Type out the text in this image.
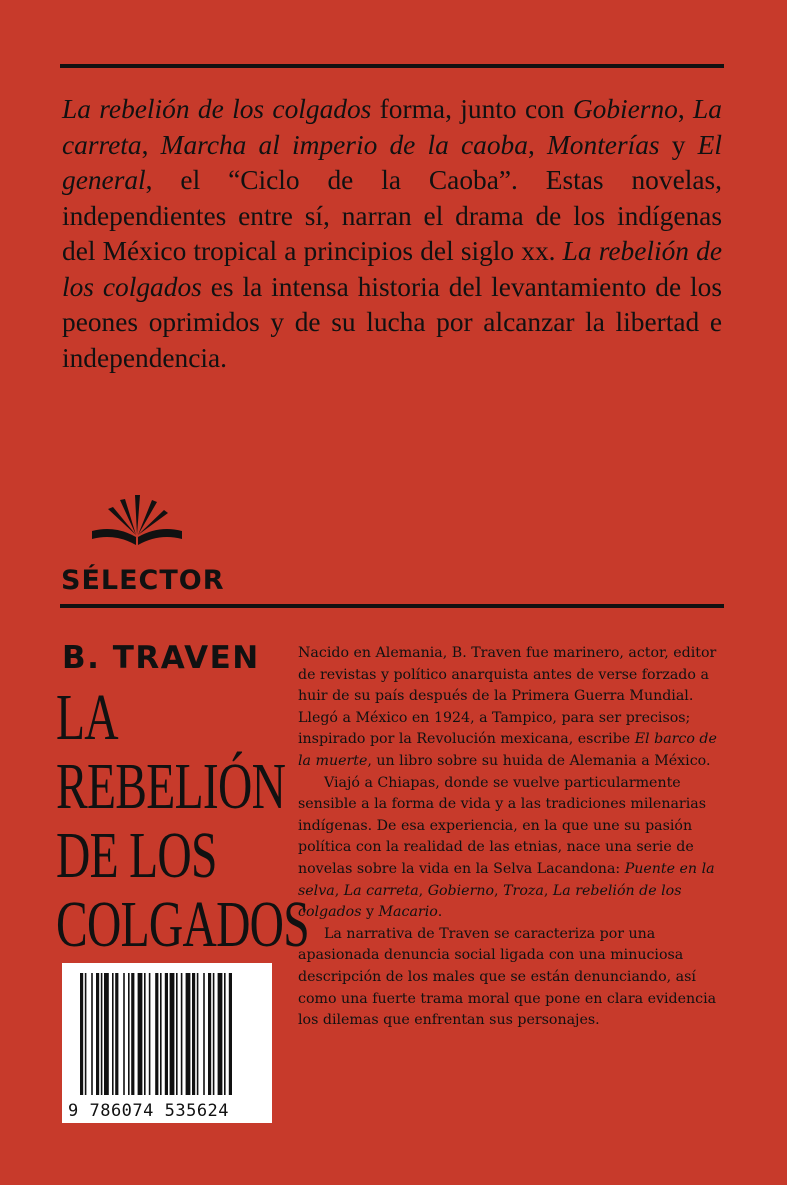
La rebelión de los colgados forma, junto con Gobierno, La carreta, Marcha al imperio de la caoba, Monterías y El general, el “Ciclo de la Caoba”. Estas novelas, independientes entre sí, narran el drama de los indígenas del México tropical a principios del siglo xx. La rebelión de los colgados es la intensa historia del levantamiento de los peones oprimidos y de su lucha por alcanzar la libertad e independencia.

SÉLECTOR
B. TRAVEN
LA
REBELIÓN
DE LOS
COLGADOS
9 786074 535624

Nacido en Alemania, B. Traven fue marinero, actor, editor de revistas y político anarquista antes de verse forzado a huir de su país después de la Primera Guerra Mundial. Llegó a México en 1924, a Tampico, para ser precisos; inspirado por la Revolución mexicana, escribe El barco de la muerte, un libro sobre su huida de Alemania a México.

Viajó a Chiapas, donde se vuelve particularmente sensible a la forma de vida y a las tradiciones milenarias indígenas. De esa experiencia, en la que une su pasión política con la realidad de las etnias, nace una serie de novelas sobre la vida en la Selva Lacandona: Puente en la selva, La carreta, Gobierno, Troza, La rebelión de los colgados y Macario.

La narrativa de Traven se caracteriza por una apasionada denuncia social ligada con una minuciosa descripción de los males que se están denunciando, así como una fuerte trama moral que pone en clara evidencia los dilemas que enfrentan sus personajes.
